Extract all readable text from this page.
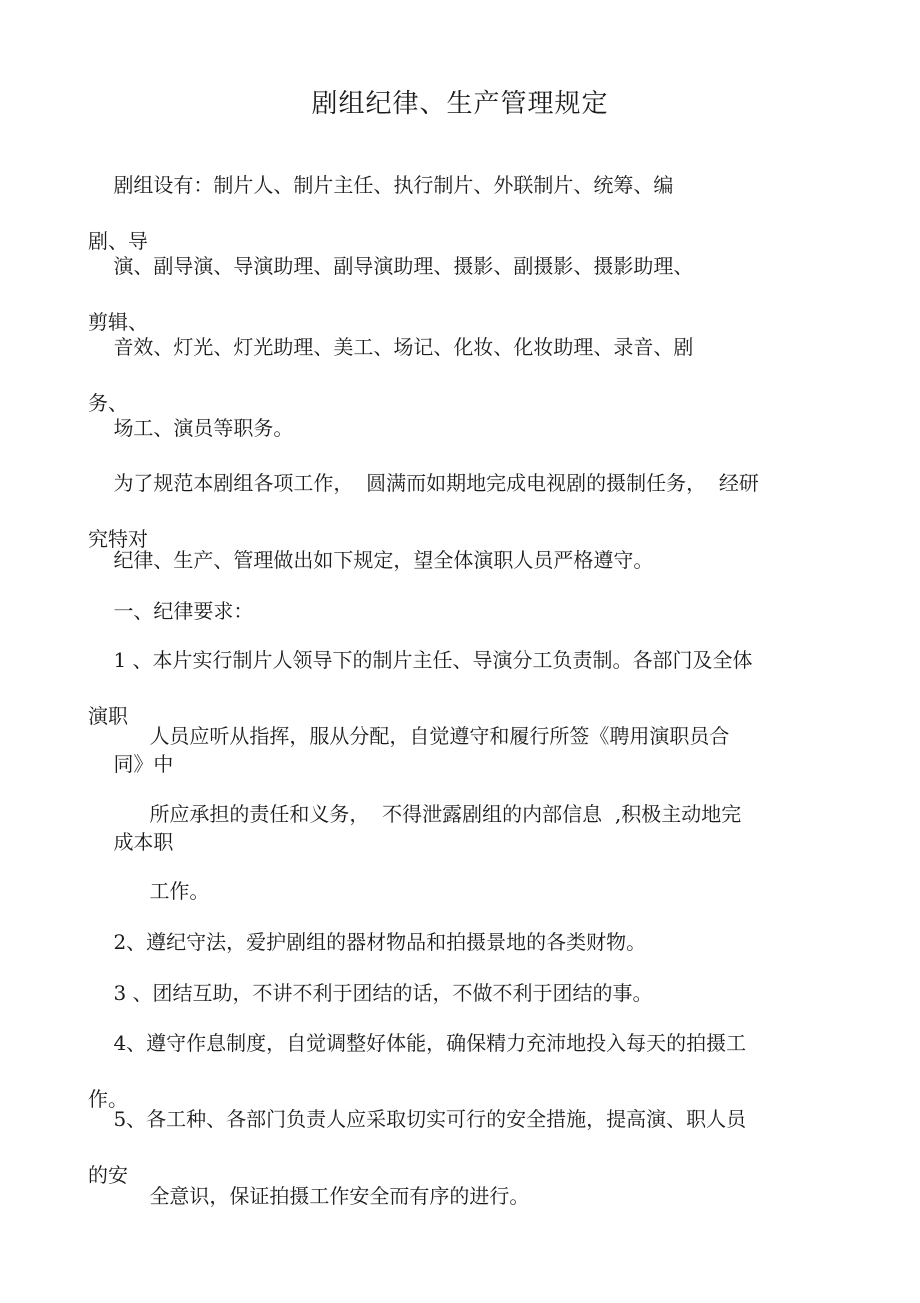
剧组纪律、生产管理规定

剧组设有：制片人、制片主任、执行制片、外联制片、统筹、编

剧、导

演、副导演、导演助理、副导演助理、摄影、副摄影、摄影助理、

剪辑、

音效、灯光、灯光助理、美工、场记、化妆、化妆助理、录音、剧

务、

场工、演员等职务。

为了规范本剧组各项工作，  圆满而如期地完成电视剧的摄制任务，  经研

究特对

纪律、生产、管理做出如下规定，望全体演职人员严格遵守。

一、纪律要求：

1 、本片实行制片人领导下的制片主任、导演分工负责制。各部门及全体

演职

人员应听从指挥，服从分配，自觉遵守和履行所签《聘用演职员合

同》中

所应承担的责任和义务，  不得泄露剧组的内部信息  ,积极主动地完

成本职

工作。

2、遵纪守法，爱护剧组的器材物品和拍摄景地的各类财物。

3 、团结互助，不讲不利于团结的话，不做不利于团结的事。

4、遵守作息制度，自觉调整好体能，确保精力充沛地投入每天的拍摄工

作。

5、各工种、各部门负责人应采取切实可行的安全措施，提高演、职人员

的安

全意识，保证拍摄工作安全而有序的进行。
